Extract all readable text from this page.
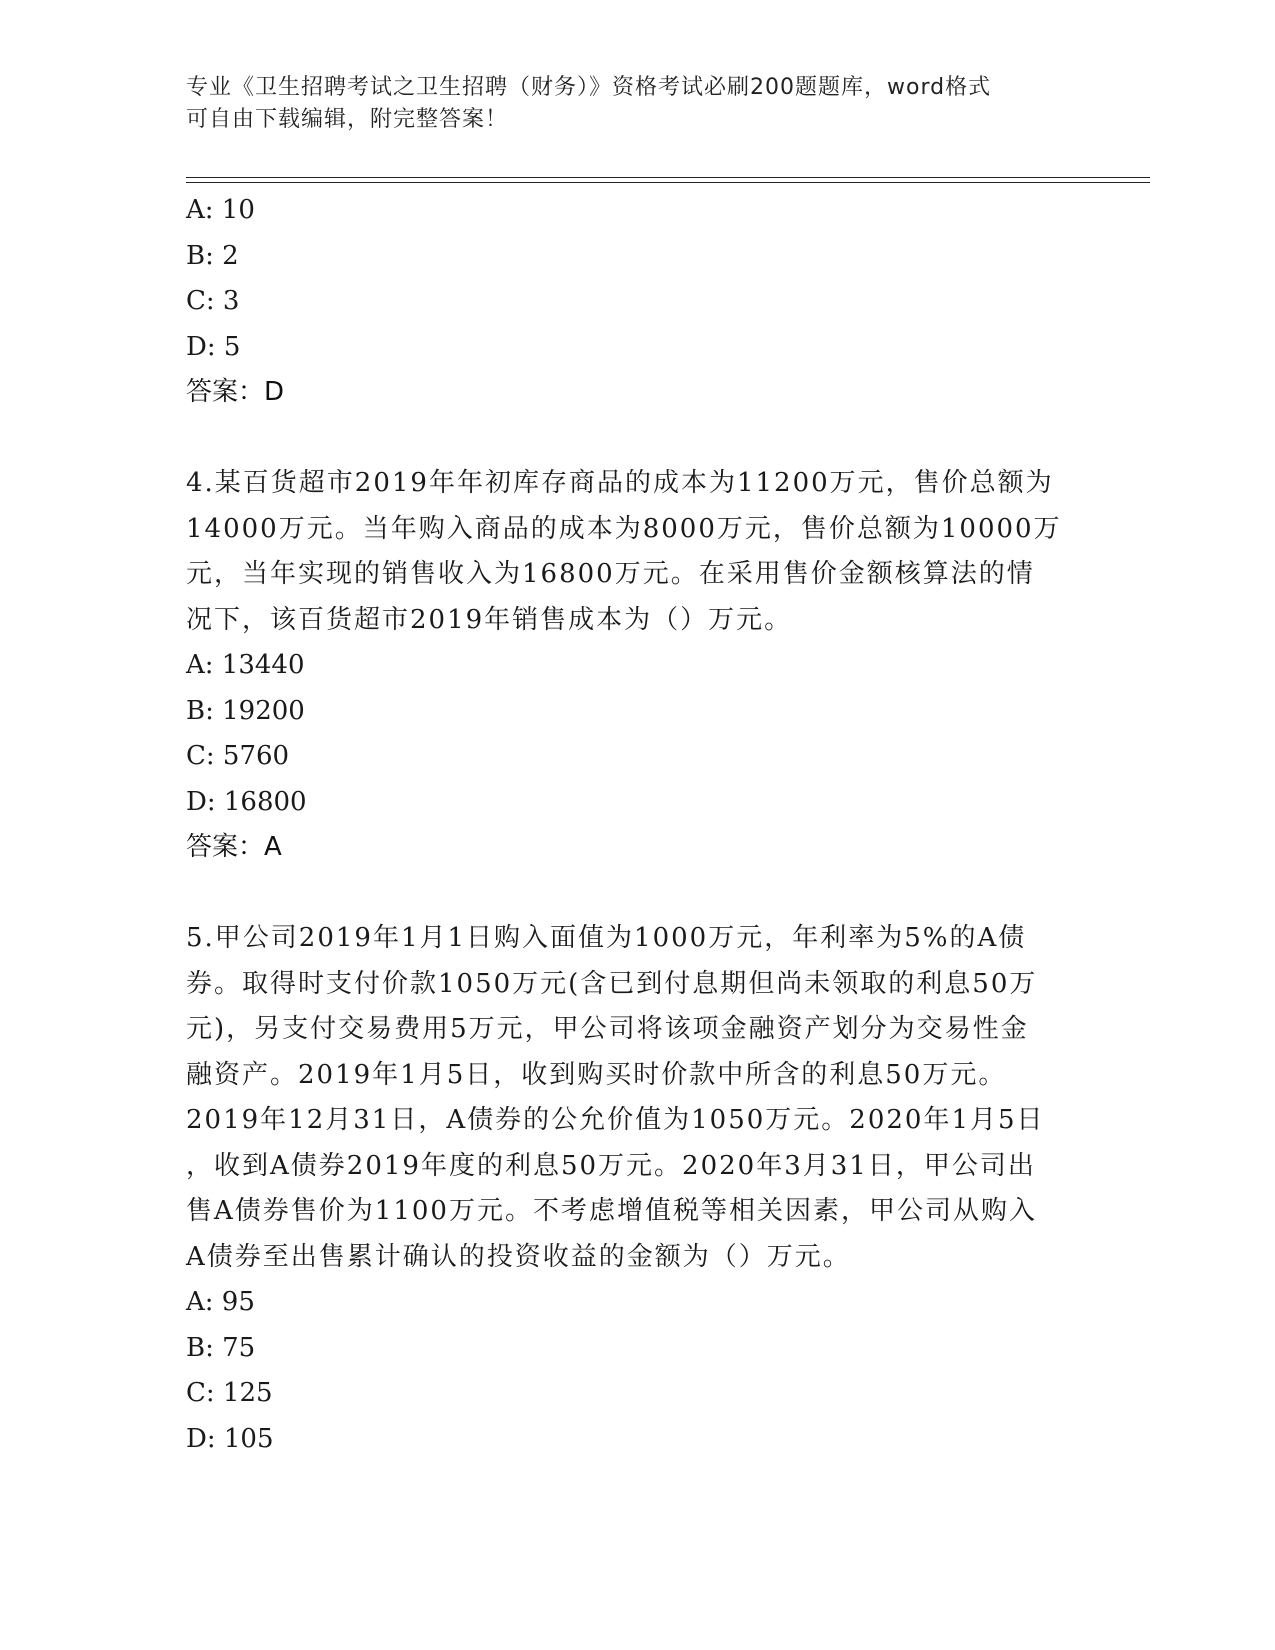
专业《卫生招聘考试之卫生招聘（财务）》资格考试必刷200题题库，word格式
可自由下载编辑，附完整答案！
A: 10
B: 2
C: 3
D: 5
答案：D
4.某百货超市2019年年初库存商品的成本为11200万元，售价总额为
14000万元。当年购入商品的成本为8000万元，售价总额为10000万
元，当年实现的销售收入为16800万元。在采用售价金额核算法的情
况下，该百货超市2019年销售成本为（）万元。
A: 13440
B: 19200
C: 5760
D: 16800
答案：A
5.甲公司2019年1月1日购入面值为1000万元，年利率为5%的A债
券。取得时支付价款1050万元(含已到付息期但尚未领取的利息50万
元)，另支付交易费用5万元，甲公司将该项金融资产划分为交易性金
融资产。2019年1月5日，收到购买时价款中所含的利息50万元。
2019年12月31日，A债券的公允价值为1050万元。2020年1月5日
，收到A债券2019年度的利息50万元。2020年3月31日，甲公司出
售A债券售价为1100万元。不考虑增值税等相关因素，甲公司从购入
A债券至出售累计确认的投资收益的金额为（）万元。
A: 95
B: 75
C: 125
D: 105
